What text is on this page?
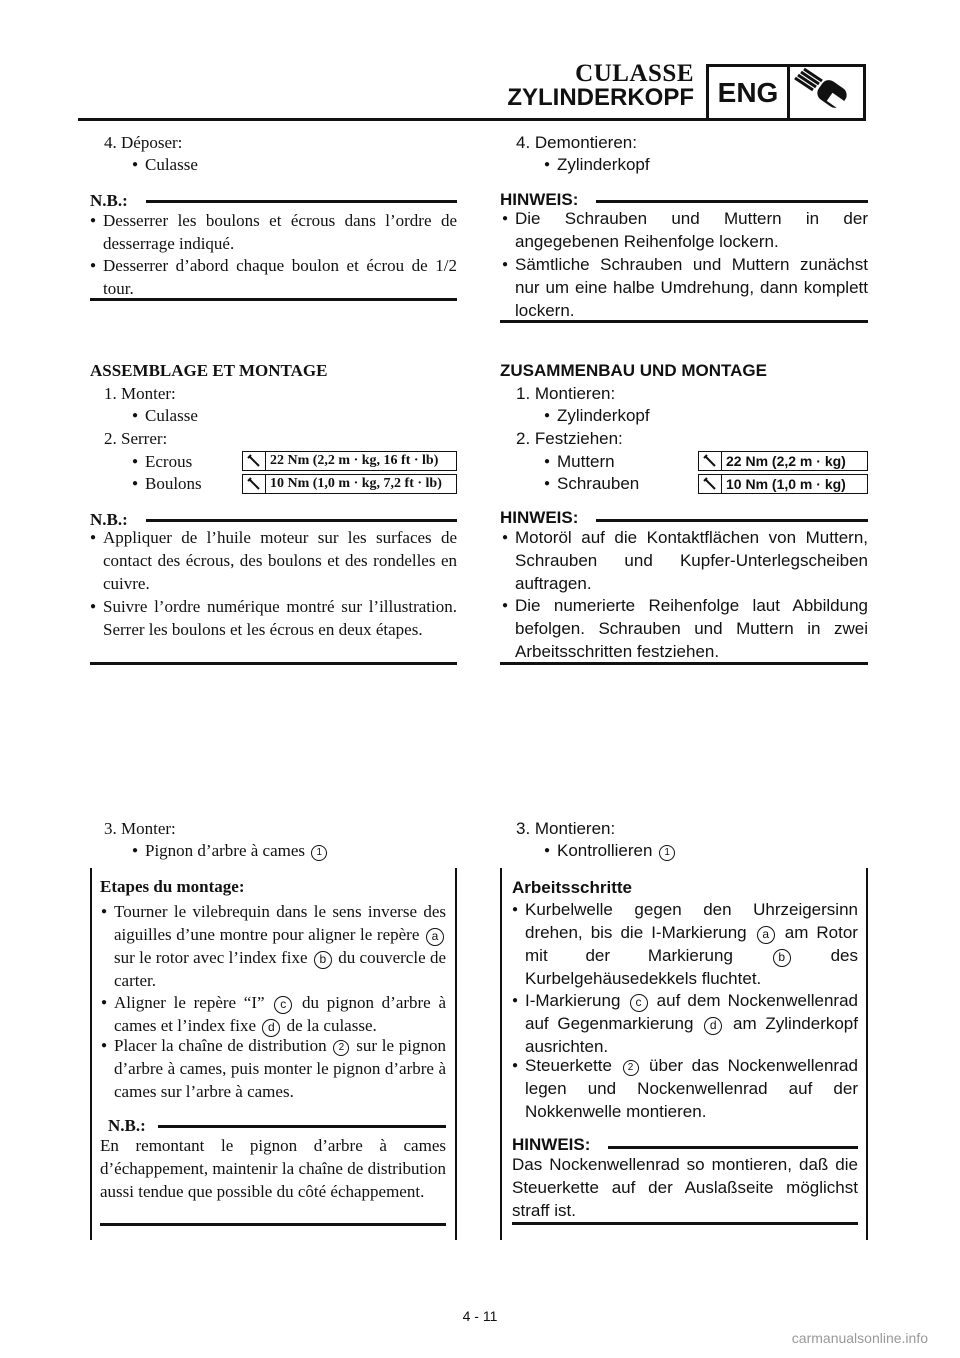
CULASSE
ZYLINDERKOPF ENG
4. Déposer:
● Culasse
N.B.:
● Desserrer les boulons et écrous dans l’ordre de desserrage indiqué.
● Desserrer d’abord chaque boulon et écrou de 1/2 tour.
ASSEMBLAGE ET MONTAGE
1. Monter:
● Culasse
2. Serrer:
● Ecrous
● Boulons
22 Nm (2,2 m · kg, 16 ft · lb)
10 Nm (1,0 m · kg, 7,2 ft · lb)
N.B.:
● Appliquer de l’huile moteur sur les surfaces de contact des écrous, des boulons et des rondelles en cuivre.
● Suivre l’ordre numérique montré sur l’illustration. Serrer les boulons et les écrous en deux étapes.
3. Monter:
● Pignon d’arbre à cames 1
Etapes du montage:
● Tourner le vilebrequin dans le sens inverse des aiguilles d’une montre pour aligner le repère a sur le rotor avec l’index fixe b du couvercle de carter.
● Aligner le repère “I” c du pignon d’arbre à cames et l’index fixe d de la culasse.
● Placer la chaîne de distribution 2 sur le pignon d’arbre à cames, puis monter le pignon d’arbre à cames sur l’arbre à cames.
N.B.:
En remontant le pignon d’arbre à cames d’échappement, maintenir la chaîne de distribution aussi tendue que possible du côté échappement.
4. Demontieren:
● Zylinderkopf
HINWEIS:
● Die Schrauben und Muttern in der angegebenen Reihenfolge lockern.
● Sämtliche Schrauben und Muttern zunächst nur um eine halbe Umdrehung, dann komplett lockern.
ZUSAMMENBAU UND MONTAGE
1. Montieren:
● Zylinderkopf
2. Festziehen:
● Muttern
● Schrauben
22 Nm (2,2 m · kg)
10 Nm (1,0 m · kg)
HINWEIS:
● Motoröl auf die Kontaktflächen von Muttern, Schrauben und Kupfer-Unterlegscheiben auftragen.
● Die numerierte Reihenfolge laut Abbildung befolgen. Schrauben und Muttern in zwei Arbeitsschritten festziehen.
3. Montieren:
● Kontrollieren 1
Arbeitsschritte
● Kurbelwelle gegen den Uhrzeigersinn drehen, bis die I-Markierung a am Rotor mit der Markierung	b	des Kurbelgehäusedekkels fluchtet.
● I-Markierung c auf dem Nockenwellenrad auf Gegenmarkierung d am Zylinderkopf ausrichten.
● Steuerkette 2 über das Nockenwellenrad legen und Nockenwellenrad auf der Nokkenwelle montieren.
HINWEIS:
Das Nockenwellenrad so montieren, daß die Steuerkette auf der Auslaßseite möglichst straff ist.
4 - 11
carmanualsonline.info
